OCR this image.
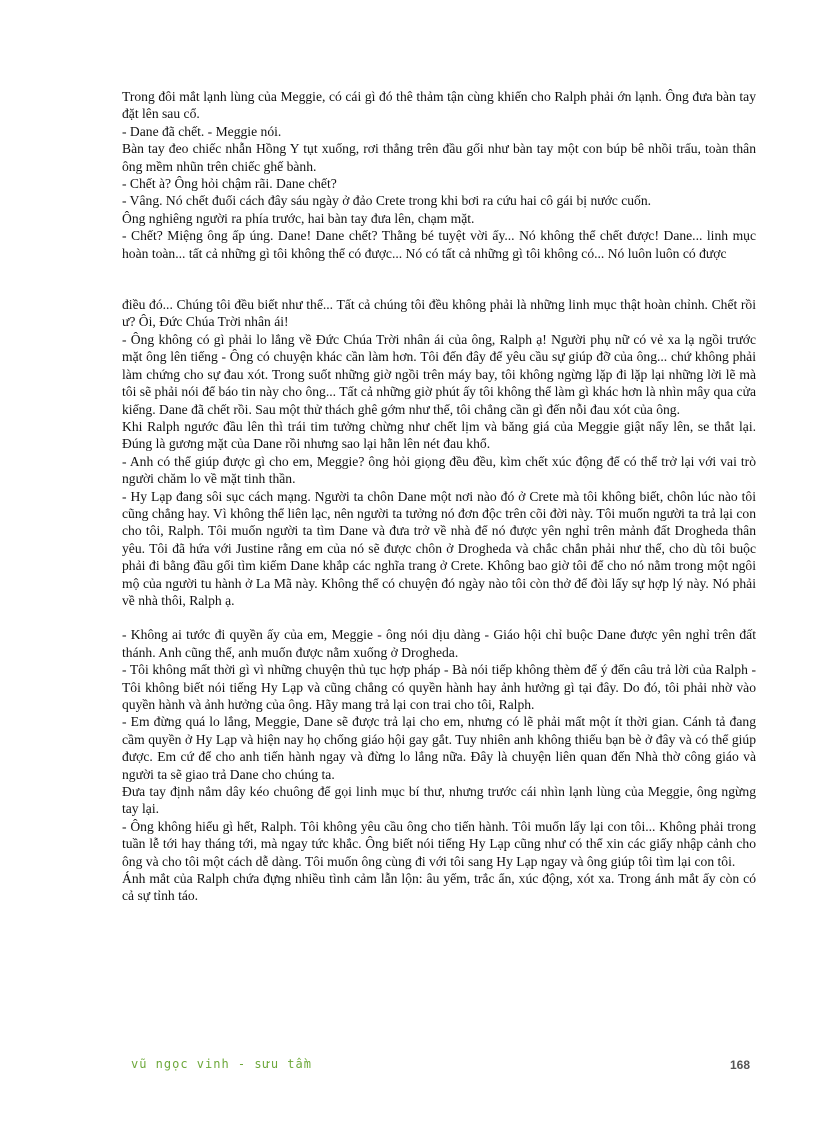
Trong đôi mắt lạnh lùng của Meggie, có cái gì đó thê thảm tận cùng khiến cho Ralph phải ớn lạnh. Ông đưa bàn tay đặt lên sau cổ.

- Dane đã chết. - Meggie nói.

Bàn tay đeo chiếc nhẫn Hồng Y tụt xuống, rơi thẳng trên đầu gối như bàn tay một con búp bê nhồi trấu, toàn thân ông mềm nhũn trên chiếc ghế bành.

- Chết à? Ông hỏi chậm rãi. Dane chết?

- Vâng. Nó chết đuối cách đây sáu ngày ở đảo Crete trong khi bơi ra cứu hai cô gái bị nước cuốn.

Ông nghiêng người ra phía trước, hai bàn tay đưa lên, chạm mặt.

- Chết? Miệng ông ấp úng. Dane! Dane chết? Thằng bé tuyệt vời ấy... Nó không thể chết được! Dane... linh mục hoàn toàn... tất cả những gì tôi không thể có được... Nó có tất cả những gì tôi không có... Nó luôn luôn có được

điều đó... Chúng tôi đều biết như thế... Tất cả chúng tôi đều không phải là những linh mục thật hoàn chỉnh. Chết rồi ư? Ôi, Đức Chúa Trời nhân ái!

- Ông không có gì phải lo lắng về Đức Chúa Trời nhân ái của ông, Ralph ạ! Người phụ nữ có vẻ xa lạ ngồi trước mặt ông lên tiếng - Ông có chuyện khác cần làm hơn. Tôi đến đây để yêu cầu sự giúp đỡ của ông... chứ không phải làm chứng cho sự đau xót. Trong suốt những giờ ngồi trên máy bay, tôi không ngừng lặp đi lặp lại những lời lẽ mà tôi sẽ phải nói để báo tin này cho ông... Tất cả những giờ phút ấy tôi không thể làm gì khác hơn là nhìn mây qua cửa kiếng. Dane đã chết rồi. Sau một thử thách ghê gớm như thế, tôi chẳng cần gì đến nỗi đau xót của ông.

Khi Ralph ngước đầu lên thì trái tim tưởng chừng như chết lịm và băng giá của Meggie giật nẩy lên, se thắt lại. Đúng là gương mặt của Dane rồi nhưng sao lại hằn lên nét đau khổ.

- Anh có thể giúp được gì cho em, Meggie? ông hỏi giọng đều đều, kìm chết xúc động để có thể trở lại với vai trò người chăm lo về mặt tinh thần.

- Hy Lạp đang sôi sục cách mạng. Người ta chôn Dane một nơi nào đó ở Crete mà tôi không biết, chôn lúc nào tôi cũng chẳng hay. Vì không thể liên lạc, nên người ta tưởng nó đơn độc trên cõi đời này. Tôi muốn người ta trả lại con cho tôi, Ralph. Tôi muốn người ta tìm Dane và đưa trở về nhà để nó được yên nghỉ trên mảnh đất Drogheda thân yêu. Tôi đã hứa với Justine rằng em của nó sẽ được chôn ở Drogheda và chắc chắn phải như thế, cho dù tôi buộc phải đi bằng đầu gối tìm kiếm Dane khắp các nghĩa trang ở Crete. Không bao giờ tôi để cho nó nằm trong một ngôi mộ của người tu hành ở La Mã này. Không thể có chuyện đó ngày nào tôi còn thở để đòi lấy sự hợp lý này. Nó phải về nhà thôi, Ralph ạ.

- Không ai tước đi quyền ấy của em, Meggie - ông nói dịu dàng - Giáo hội chỉ buộc Dane được yên nghỉ trên đất thánh. Anh cũng thế, anh muốn được nằm xuống ở Drogheda.

- Tôi không mất thời gì vì những chuyện thủ tục hợp pháp - Bà nói tiếp không thèm để ý đến câu trả lời của Ralph - Tôi không biết nói tiếng Hy Lạp và cũng chẳng có quyền hành hay ảnh hưởng gì tại đây. Do đó, tôi phải nhờ vào quyền hành và ảnh hưởng của ông. Hãy mang trả lại con trai cho tôi, Ralph.

- Em đừng quá lo lắng, Meggie, Dane sẽ được trả lại cho em, nhưng có lẽ phải mất một ít thời gian. Cánh tả đang cầm quyền ở Hy Lạp và hiện nay họ chống giáo hội gay gắt. Tuy nhiên anh không thiếu bạn bè ở đây và có thể giúp được. Em cứ để cho anh tiến hành ngay và đừng lo lắng nữa. Đây là chuyện liên quan đến Nhà thờ công giáo và người ta sẽ giao trả Dane cho chúng ta.

Đưa tay định nắm dây kéo chuông để gọi linh mục bí thư, nhưng trước cái nhìn lạnh lùng của Meggie, ông ngừng tay lại.

- Ông không hiểu gì hết, Ralph. Tôi không yêu cầu ông cho tiến hành. Tôi muốn lấy lại con tôi... Không phải trong tuần lễ tới hay tháng tới, mà ngay tức khắc. Ông biết nói tiếng Hy Lạp cũng như có thể xin các giấy nhập cảnh cho ông và cho tôi một cách dễ dàng. Tôi muốn ông cùng đi với tôi sang Hy Lạp ngay và ông giúp tôi tìm lại con tôi.

Ánh mắt của Ralph chứa đựng nhiều tình cảm lẫn lộn: âu yếm, trắc ẩn, xúc động, xót xa. Trong ánh mắt ấy còn có cả sự tỉnh táo.

vũ ngọc vinh - sưu tầm	168
